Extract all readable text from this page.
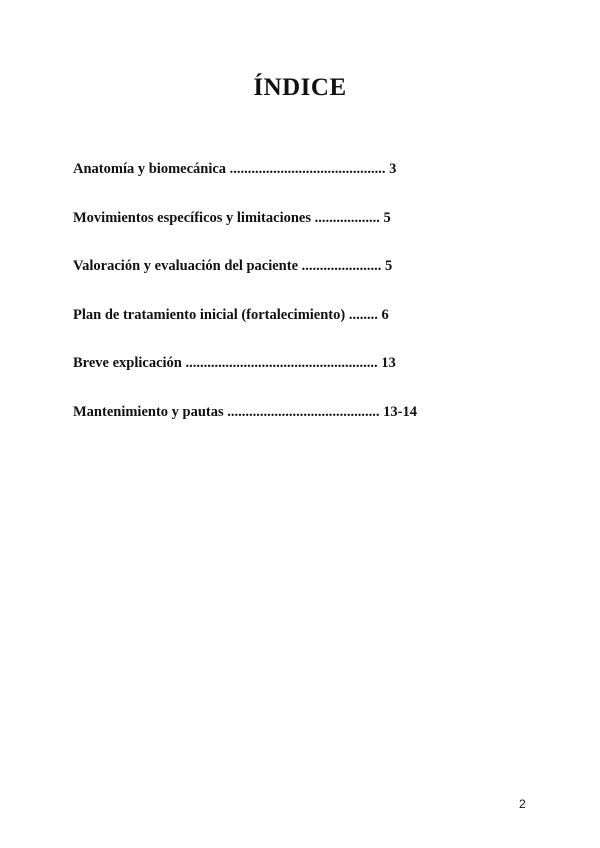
ÍNDICE
Anatomía y biomecánica ........................................... 3
Movimientos específicos y limitaciones .................. 5
Valoración y evaluación del paciente ...................... 5
Plan de tratamiento inicial (fortalecimiento) ........ 6
Breve explicación ..................................................... 13
Mantenimiento y pautas .......................................... 13-14
2
